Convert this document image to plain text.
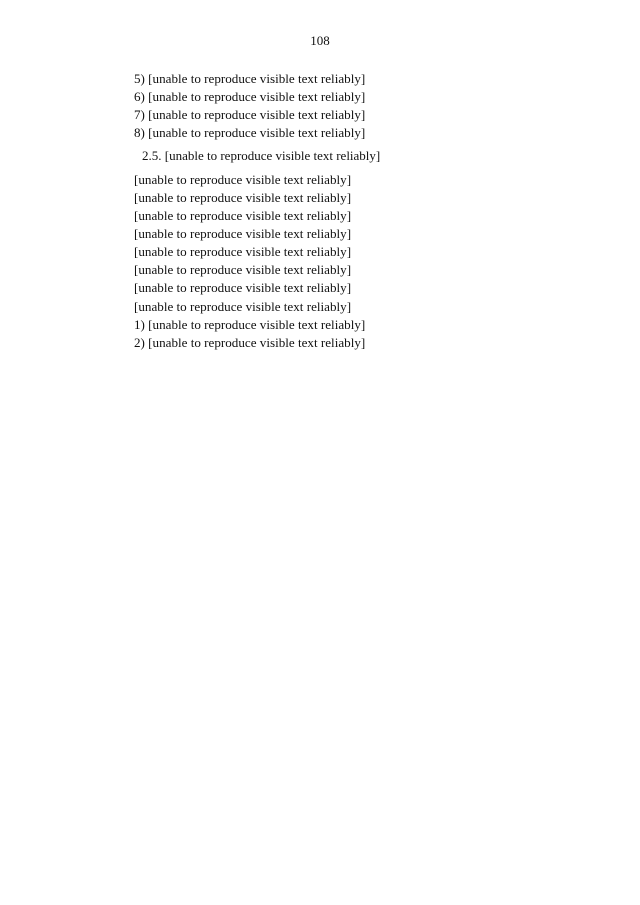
108

5) [unable to reproduce visible text reliably]

6) [unable to reproduce visible text reliably]

7) [unable to reproduce visible text reliably]

8) [unable to reproduce visible text reliably]

2.5. [unable to reproduce visible text reliably]

[unable to reproduce visible text reliably]

[unable to reproduce visible text reliably]

[unable to reproduce visible text reliably]

[unable to reproduce visible text reliably]

[unable to reproduce visible text reliably]

[unable to reproduce visible text reliably]

[unable to reproduce visible text reliably]

[unable to reproduce visible text reliably]

1) [unable to reproduce visible text reliably]

2) [unable to reproduce visible text reliably]
